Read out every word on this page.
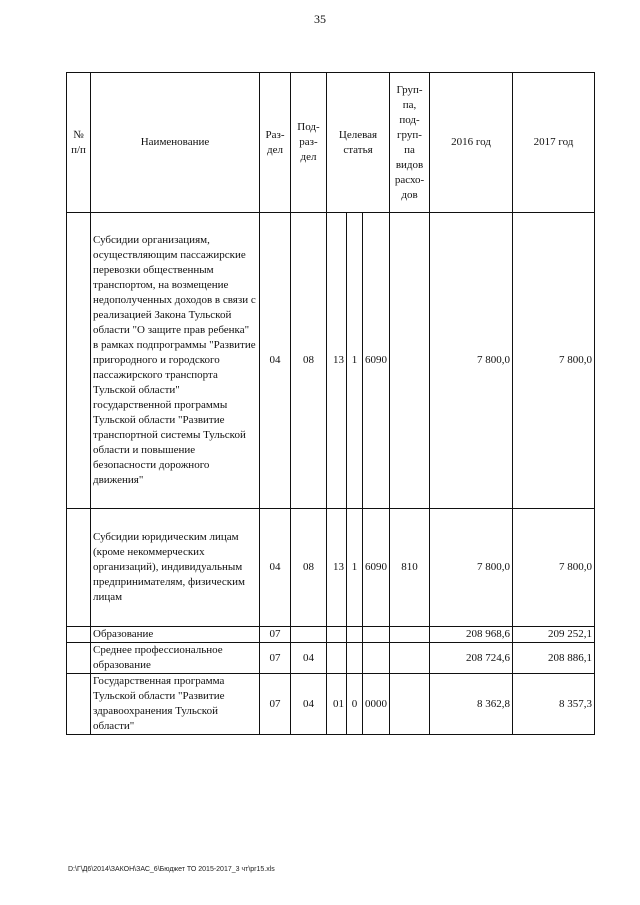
35
№ п/п	Наименование	Раз-дел	Под-раз-дел	Целевая статья			Груп-па, под-груп-па видов расхо-дов	2016 год	2017 год
	Субсидии организациям, осуществляющим пассажирские перевозки общественным транспортом, на возмещение недополученных доходов в связи с реализацией Закона Тульской области "О защите прав ребенка" в рамках подпрограммы "Развитие пригородного и городского пассажирского транспорта Тульской области" государственной программы Тульской области "Развитие транспортной системы Тульской области и повышение безопасности дорожного движения"	04	08	13	1	6090		7 800,0	7 800,0
	Субсидии юридическим лицам (кроме некоммерческих организаций), индивидуальным предпринимателям, физическим лицам	04	08	13	1	6090	810	7 800,0	7 800,0
	Образование	07						208 968,6	209 252,1
	Среднее профессиональное образование	07	04					208 724,6	208 886,1
	Государственная программа Тульской области "Развитие здравоохранения Тульской области"	07	04	01	0	0000		8 362,8	8 357,3
D:\Г\Д6\2014\ЗАКОН\ЗАС_6\Бюджет ТО 2015-2017_3 чт\pr15.xls
